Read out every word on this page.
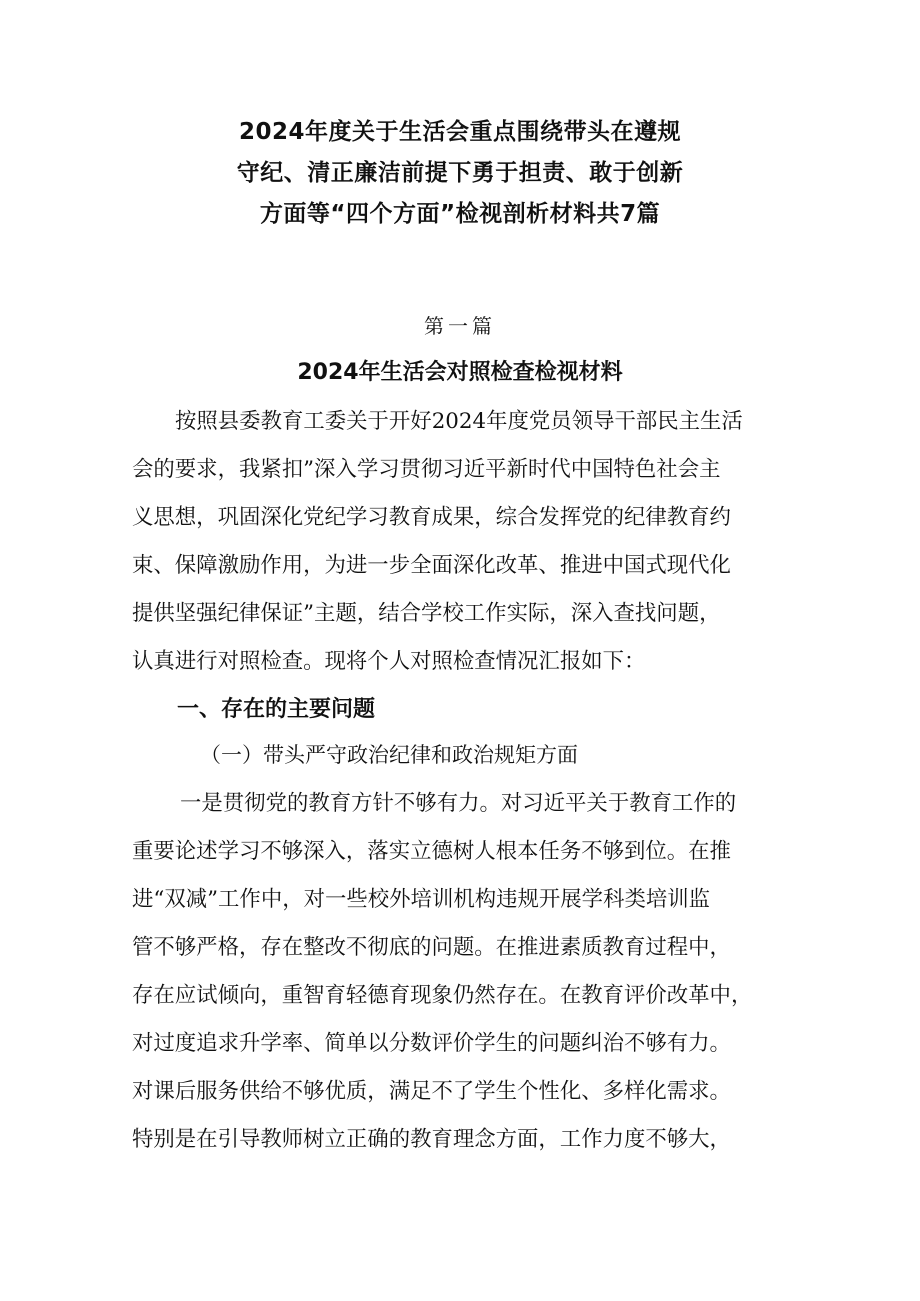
2024年度关于生活会重点围绕带头在遵规
守纪、清正廉洁前提下勇于担责、敢于创新
方面等“四个方面”检视剖析材料共7篇
第一篇
2024年生活会对照检查检视材料
按照县委教育工委关于开好2024年度党员领导干部民主生活
会的要求，我紧扣”深入学习贯彻习近平新时代中国特色社会主
义思想，巩固深化党纪学习教育成果，综合发挥党的纪律教育约
束、保障激励作用，为进一步全面深化改革、推进中国式现代化
提供坚强纪律保证”主题，结合学校工作实际，深入查找问题，
认真进行对照检查。现将个人对照检查情况汇报如下：
一、存在的主要问题
（一）带头严守政治纪律和政治规矩方面
一是贯彻党的教育方针不够有力。对习近平关于教育工作的
重要论述学习不够深入，落实立德树人根本任务不够到位。在推
进“双减”工作中，对一些校外培训机构违规开展学科类培训监
管不够严格，存在整改不彻底的问题。在推进素质教育过程中，
存在应试倾向，重智育轻德育现象仍然存在。在教育评价改革中，
对过度追求升学率、简单以分数评价学生的问题纠治不够有力。
对课后服务供给不够优质，满足不了学生个性化、多样化需求。
特别是在引导教师树立正确的教育理念方面，工作力度不够大，
